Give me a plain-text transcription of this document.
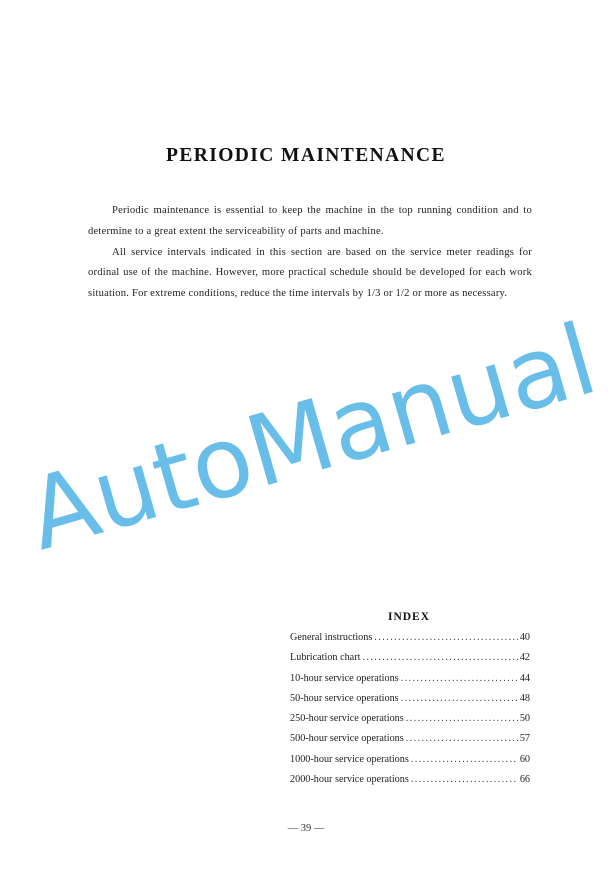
PERIODIC MAINTENANCE

Periodic maintenance is essential to keep the machine in the top running condition and to determine to a great extent the serviceability of parts and machine.

All service intervals indicated in this section are based on the service meter readings for ordinal use of the machine. However, more practical schedule should be developed for each work situation. For extreme conditions, reduce the time intervals by 1/3 or 1/2 or more as necessary.

AutoManual
INDEX
General instructions .....	40
Lubrication chart .....	42
10-hour service operations .....	44
50-hour service operations .....	48
250-hour service operations .....	50
500-hour service operations .....	57
1000-hour service operations .....	60
2000-hour service operations .....	66
— 39 —
